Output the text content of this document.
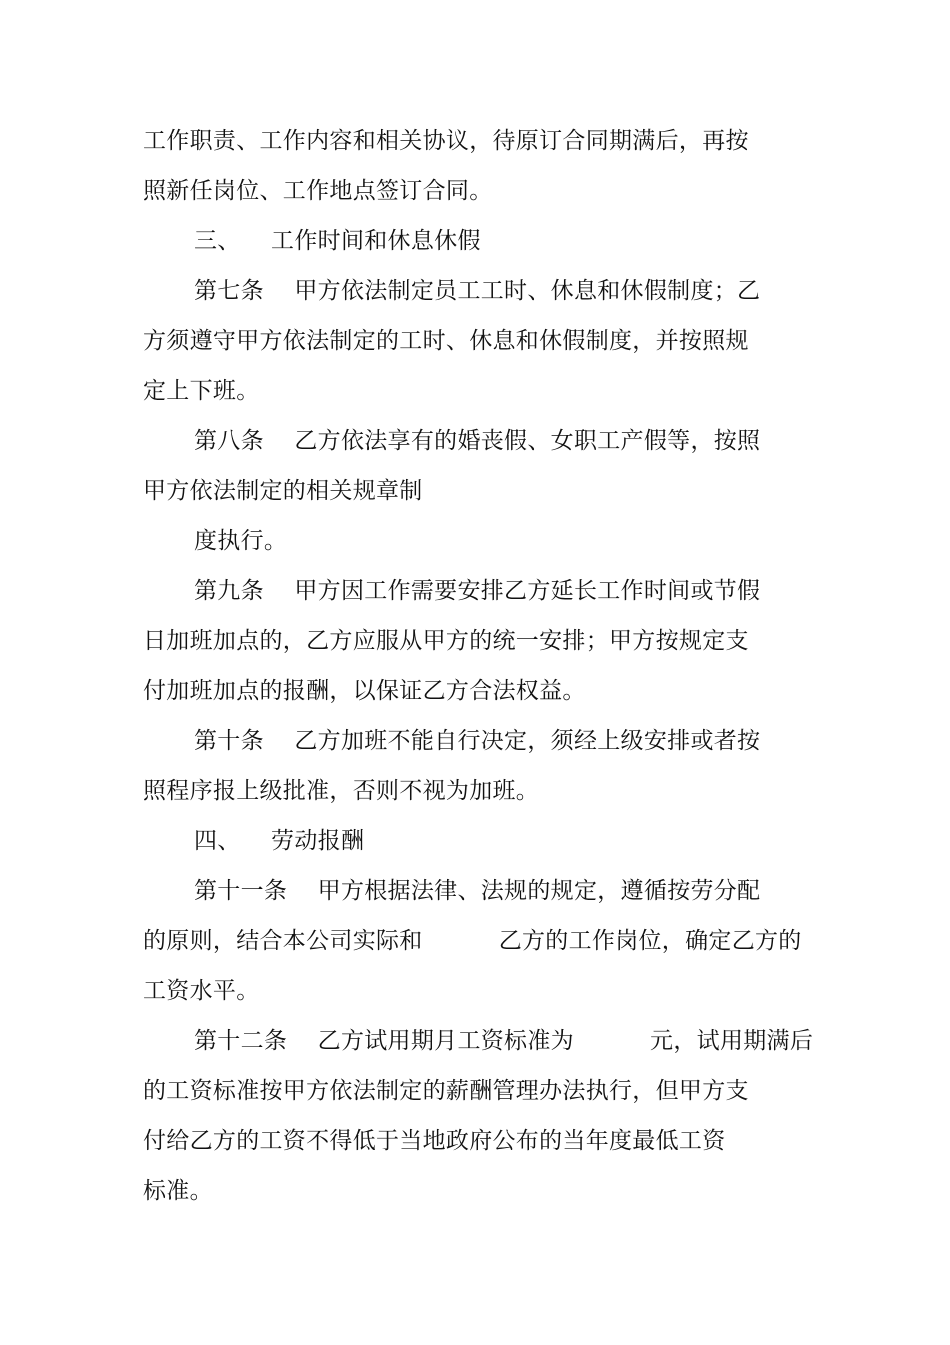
工作职责、工作内容和相关协议，待原订合同期满后，再按
照新任岗位、工作地点签订合同。
三、    工作时间和休息休假
第七条    甲方依法制定员工工时、休息和休假制度；乙
方须遵守甲方依法制定的工时、休息和休假制度，并按照规
定上下班。
第八条    乙方依法享有的婚丧假、女职工产假等，按照
甲方依法制定的相关规章制
度执行。
第九条    甲方因工作需要安排乙方延长工作时间或节假
日加班加点的，乙方应服从甲方的统一安排；甲方按规定支
付加班加点的报酬，以保证乙方合法权益。
第十条    乙方加班不能自行决定，须经上级安排或者按
照程序报上级批准，否则不视为加班。
四、    劳动报酬
第十一条    甲方根据法律、法规的规定，遵循按劳分配
的原则，结合本公司实际和          乙方的工作岗位，确定乙方的
工资水平。
第十二条    乙方试用期月工资标准为          元，试用期满后
的工资标准按甲方依法制定的薪酬管理办法执行，但甲方支
付给乙方的工资不得低于当地政府公布的当年度最低工资
标准。
